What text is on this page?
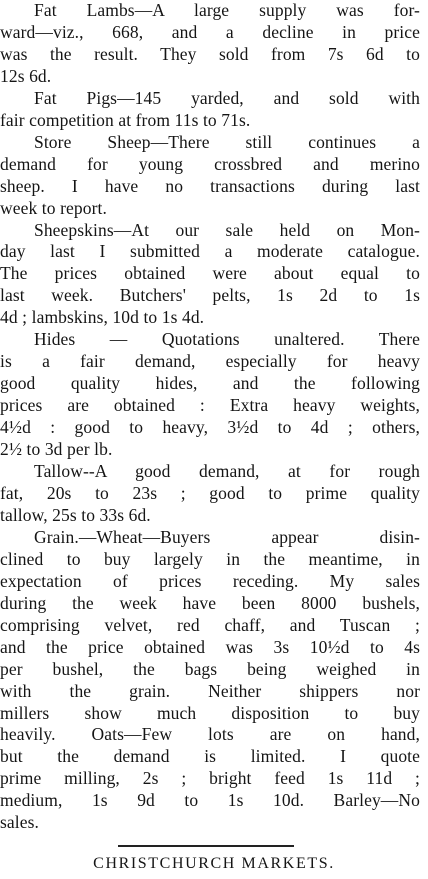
Fat Lambs—A large supply was for-
ward—viz., 668, and a decline in price
was the result. They sold from 7s 6d to
12s 6d.

Fat Pigs—145 yarded, and sold with
fair competition at from 11s to 71s.

Store Sheep—There still continues a
demand for young crossbred and merino
sheep. I have no transactions during last
week to report.

Sheepskins—At our sale held on Mon-
day last I submitted a moderate catalogue.
The prices obtained were about equal to
last week. Butchers' pelts, 1s 2d to 1s
4d ; lambskins, 10d to 1s 4d.

Hides — Quotations unaltered. There
is a fair demand, especially for heavy
good quality hides, and the following
prices are obtained : Extra heavy weights,
4½d : good to heavy, 3½d to 4d ; others,
2½ to 3d per lb.

Tallow--A good demand, at for rough
fat, 20s to 23s ; good to prime quality
tallow, 25s to 33s 6d.

Grain.—Wheat—Buyers appear disin-
clined to buy largely in the meantime, in
expectation of prices receding. My sales
during the week have been 8000 bushels,
comprising velvet, red chaff, and Tuscan ;
and the price obtained was 3s 10½d to 4s
per bushel, the bags being weighed in
with the grain. Neither shippers nor
millers show much disposition to buy
heavily. Oats—Few lots are on hand,
but the demand is limited. I quote
prime milling, 2s ; bright feed 1s 11d ;
medium, 1s 9d to 1s 10d. Barley—No
sales.

CHRISTCHURCH MARKETS.
